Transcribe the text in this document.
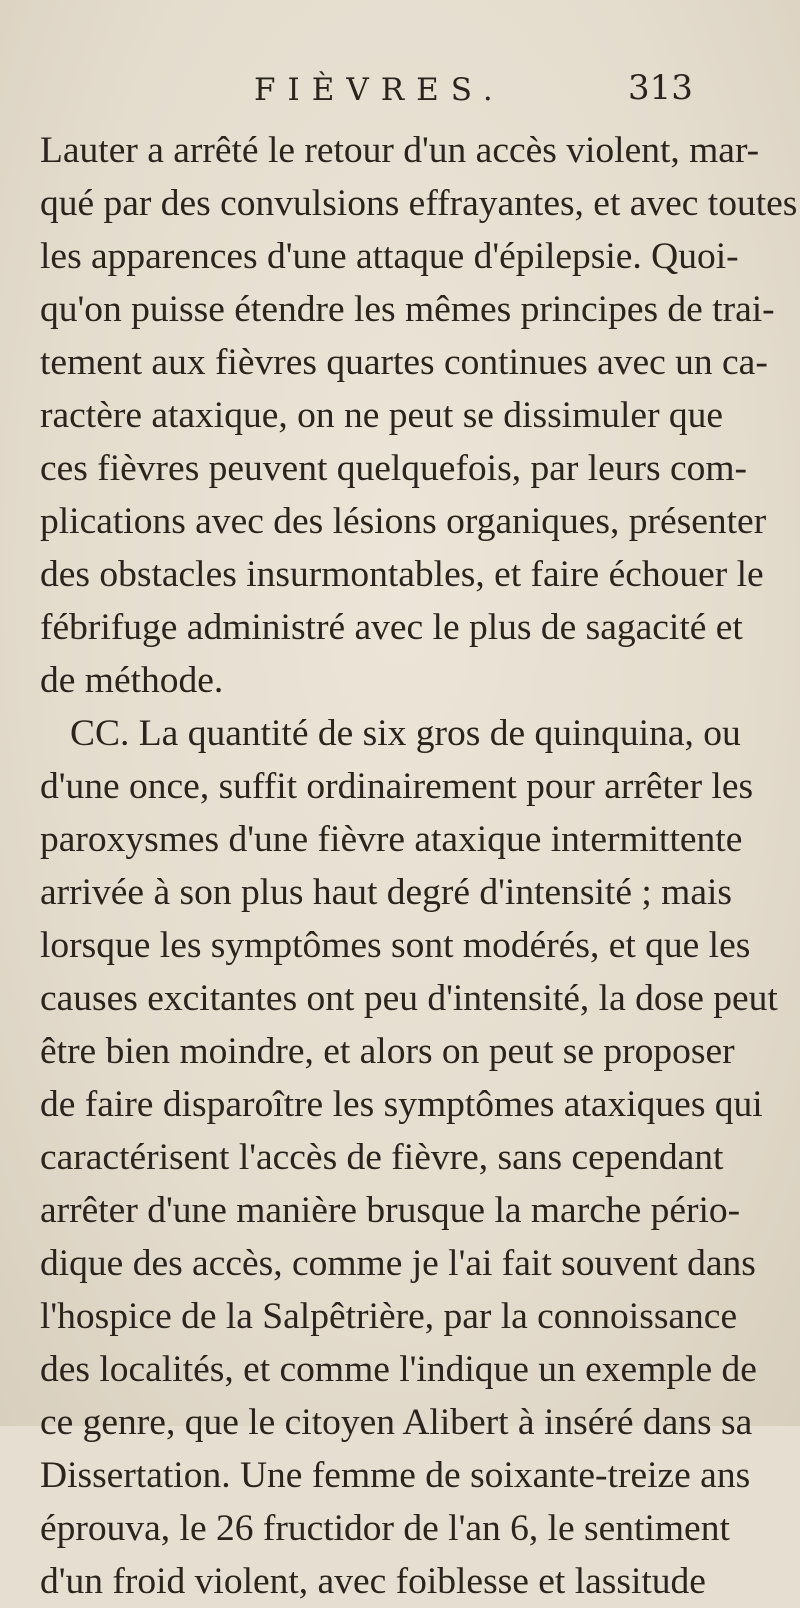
FIÈVRES.	313
Lauter a arrêté le retour d'un accès violent, mar-
qué par des convulsions effrayantes, et avec toutes
les apparences d'une attaque d'épilepsie. Quoi-
qu'on puisse étendre les mêmes principes de trai-
tement aux fièvres quartes continues avec un ca-
ractère ataxique, on ne peut se dissimuler que
ces fièvres peuvent quelquefois, par leurs com-
plications avec des lésions organiques, présenter
des obstacles insurmontables, et faire échouer le
fébrifuge administré avec le plus de sagacité et
de méthode.
CC. La quantité de six gros de quinquina, ou
d'une once, suffit ordinairement pour arrêter les
paroxysmes d'une fièvre ataxique intermittente
arrivée à son plus haut degré d'intensité ; mais
lorsque les symptômes sont modérés, et que les
causes excitantes ont peu d'intensité, la dose peut
être bien moindre, et alors on peut se proposer
de faire disparoître les symptômes ataxiques qui
caractérisent l'accès de fièvre, sans cependant
arrêter d'une manière brusque la marche pério-
dique des accès, comme je l'ai fait souvent dans
l'hospice de la Salpêtrière, par la connoissance
des localités, et comme l'indique un exemple de
ce genre, que le citoyen Alibert à inséré dans sa
Dissertation. Une femme de soixante-treize ans
éprouva, le 26 fructidor de l'an 6, le sentiment
d'un froid violent, avec foiblesse et lassitude
